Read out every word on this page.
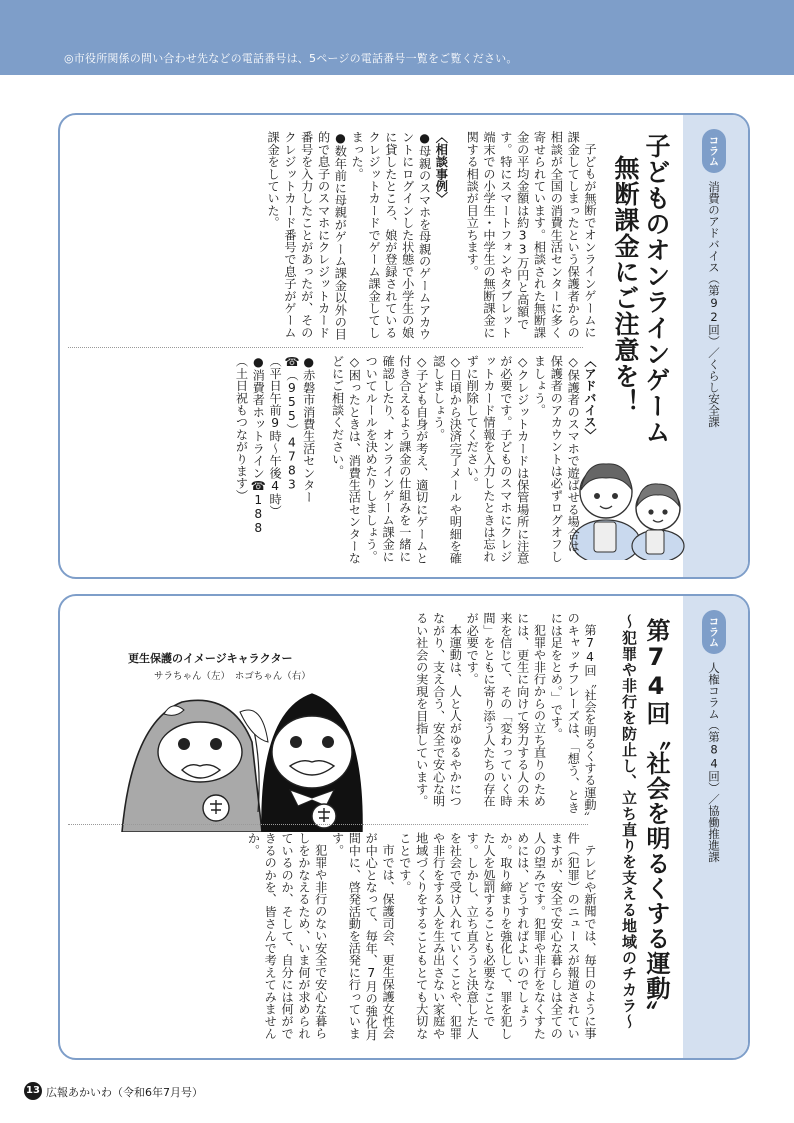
◎市役所関係の問い合わせ先などの電話番号は、5ページの電話番号一覧をご覧ください。
コラム
消費のアドバイス（第92回）／くらし安全課
子どものオンラインゲーム
無断課金にご注意を！

子どもが無断でオンラインゲームに課金してしまったという保護者からの相談が全国の消費生活センターに多く寄せられています。相談された無断課金の平均金額は約33万円と高額です。特にスマートフォンやタブレット端末での小学生・中学生の無断課金に関する相談が目立ちます。

〈相談事例〉

●母親のスマホを母親のゲームアカウントにログインした状態で小学生の娘に貸したところ、娘が登録されているクレジットカードでゲーム課金してしまった。

●数年前に母親がゲーム課金以外の目的で息子のスマホにクレジットカード番号を入力したことがあったが、そのクレジットカード番号で息子がゲーム課金をしていた。

〈アドバイス〉

◇保護者のスマホで遊ばせる場合は、保護者のアカウントは必ずログオフしましょう。

◇クレジットカードは保管場所に注意が必要です。子どものスマホにクレジットカード情報を入力したときは忘れずに削除してください。

◇日頃から決済完了メールや明細を確認しましょう。

◇子ども自身が考え、適切にゲームと付き合えるよう課金の仕組みを一緒に確認したり、オンラインゲーム課金についてルールを決めたりしましょう。

◇困ったときは、消費生活センターなどにご相談ください。

●赤磐市消費生活センター

☎（955）4783

（平日午前9時～午後4時）

●消費者ホットライン☎188

（土日祝もつながります）

コラム
人権コラム（第84回）／協働推進課
第74回〝社会を明るくする運動〟
～犯罪や非行を防止し、立ち直りを支える地域のチカラ～
更生保護のイメージキャラクター
サラちゃん（左）　ホゴちゃん（右）	第74回〝社会を明るくする運動〟のキャッチフレーズは、「想う、ときには足をとめ。」です。

犯罪や非行からの立ち直りのためには、更生に向けて努力する人の未来を信じて、その「変わっていく時間」をともに寄り添う人たちの存在が必要です。

本運動は、人と人がゆるやかにつながり、支え合う、安全で安心な明るい社会の実現を目指しています。

テレビや新聞では、毎日のように事件（犯罪）のニュースが報道されていますが、安全で安心な暮らしは全ての人の望みです。犯罪や非行をなくすためには、どうすればよいのでしょうか。取り締まりを強化して、罪を犯した人を処罰することも必要なことです。しかし、立ち直ろうと決意した人を社会で受け入れていくことや、犯罪や非行をする人を生み出さない家庭や地域づくりをすることもとても大切なことです。

市では、保護司会、更生保護女性会が中心となって、毎年、7月の強化月間中に、啓発活動を活発に行っています。

犯罪や非行のない安全で安心な暮らしをかなえるため、いま何が求められているのか、そして、自分には何ができるのかを、皆さんで考えてみませんか。

13 広報あかいわ（令和6年7月号）
